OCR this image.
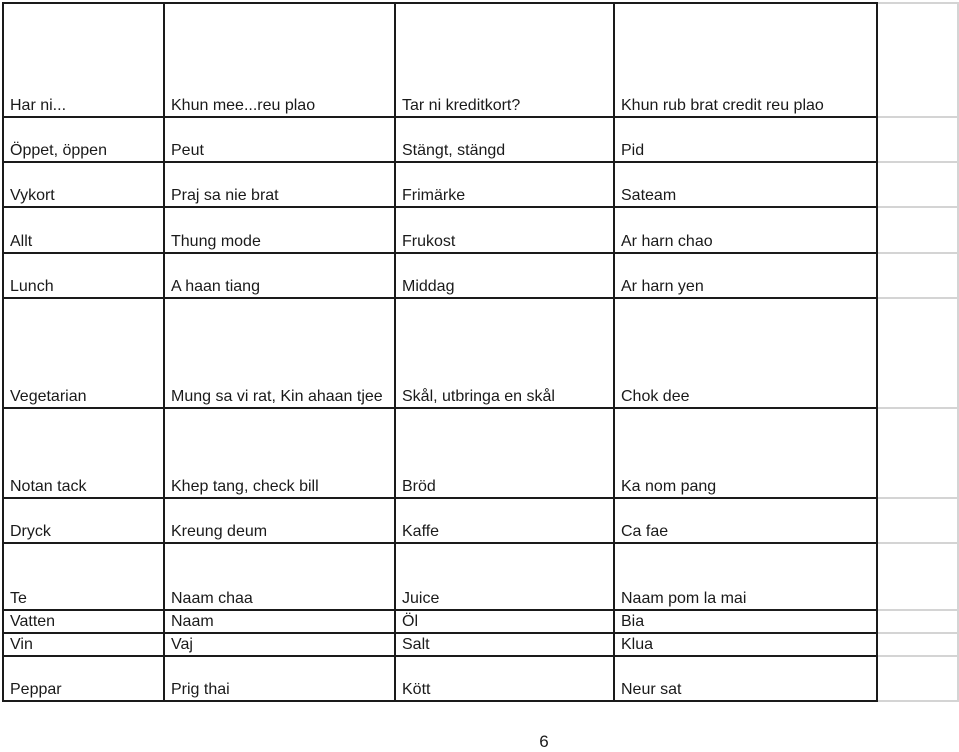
Har ni...	Khun mee...reu plao	Tar ni kreditkort?	Khun rub brat credit reu plao	
Öppet, öppen	Peut	Stängt, stängd	Pid	
Vykort	Praj sa nie brat	Frimärke	Sateam	
Allt	Thung mode	Frukost	Ar harn chao	
Lunch	A haan tiang	Middag	Ar harn yen	
Vegetarian	Mung sa vi rat, Kin ahaan tjee	Skål, utbringa en skål	Chok dee	
Notan tack	Khep tang, check bill	Bröd	Ka nom pang	
Dryck	Kreung deum	Kaffe	Ca fae	
Te	Naam chaa	Juice	Naam pom la mai	
Vatten	Naam	Öl	Bia	
Vin	Vaj	Salt	Klua	
Peppar	Prig thai	Kött	Neur sat	
6
